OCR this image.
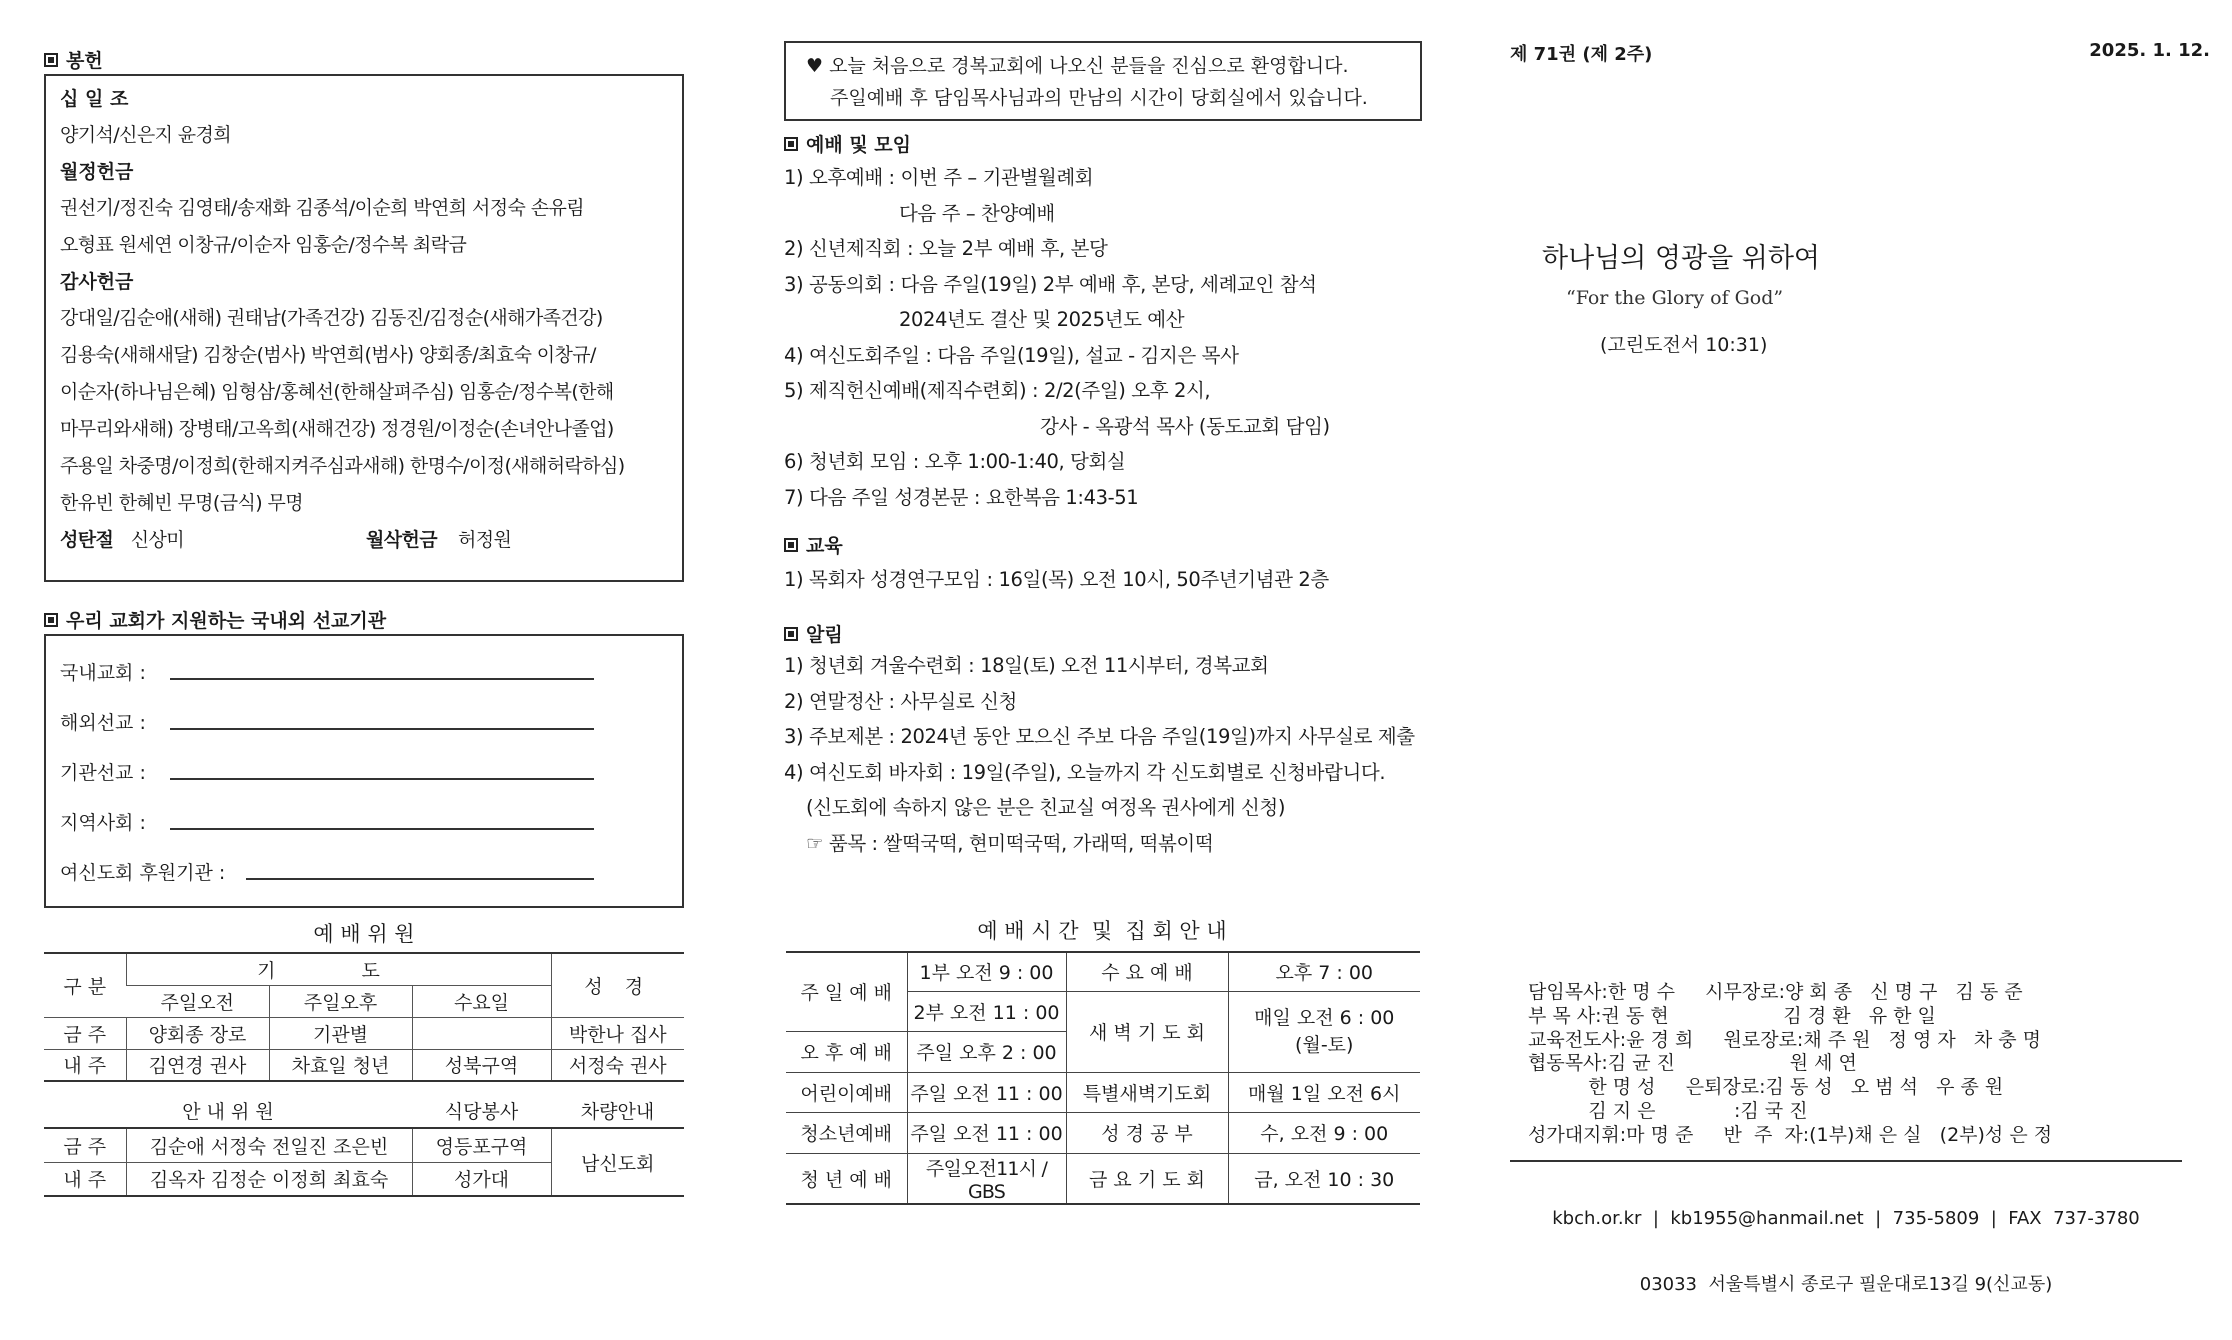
봉헌
십 일 조
양기석/신은지 윤경희
월정헌금
권선기/정진숙 김영태/송재화 김종석/이순희 박연희 서정숙 손유림
오형표 원세연 이창규/이순자 임홍순/정수복 최락금
감사헌금
강대일/김순애(새해) 권태남(가족건강) 김동진/김정순(새해가족건강)
김용숙(새해새달) 김창순(범사) 박연희(범사) 양회종/최효숙 이창규/
이순자(하나님은혜) 임형삼/홍혜선(한해살펴주심) 임홍순/정수복(한해
마무리와새해) 장병태/고옥희(새해건강) 정경원/이정순(손녀안나졸업)
주용일 차중명/이정희(한해지켜주심과새해) 한명수/이정(새해허락하심)
한유빈 한혜빈 무명(금식) 무명
성탄절 신상미	월삭헌금 허정원
우리 교회가 지원하는 국내외 선교기관
국내교회 :
해외선교 :
기관선교 :
지역사회 :
여신도회 후원기관 :
예 배 위 원
구 분	기 도			성 경
	주일오전	주일오후	수요일	
금 주	양회종 장로	기관별		박한나 집사
내 주	김연경 권사	차효일 청년	성북구역	서정숙 권사
안 내 위 원		식당봉사	차량안내
금 주	김순애 서정숙 전일진 조은빈	영등포구역	남신도회
내 주	김옥자 김정순 이정희 최효숙	성가대	
♥ 오늘 처음으로 경복교회에 나오신 분들을 진심으로 환영합니다.
주일예배 후 담임목사님과의 만남의 시간이 당회실에서 있습니다.
예배 및 모임
1) 오후예배 : 이번 주 – 기관별월례회
다음 주 – 찬양예배
2) 신년제직회 : 오늘 2부 예배 후, 본당
3) 공동의회 : 다음 주일(19일) 2부 예배 후, 본당, 세례교인 참석
2024년도 결산 및 2025년도 예산
4) 여신도회주일 : 다음 주일(19일), 설교 - 김지은 목사
5) 제직헌신예배(제직수련회) : 2/2(주일) 오후 2시,
강사 - 옥광석 목사 (동도교회 담임)
6) 청년회 모임 : 오후 1:00-1:40, 당회실
7) 다음 주일 성경본문 : 요한복음 1:43-51
교육
1) 목회자 성경연구모임 : 16일(목) 오전 10시, 50주년기념관 2층
알림
1) 청년회 겨울수련회 : 18일(토) 오전 11시부터, 경복교회
2) 연말정산 : 사무실로 신청
3) 주보제본 : 2024년 동안 모으신 주보 다음 주일(19일)까지 사무실로 제출
4) 여신도회 바자회 : 19일(주일), 오늘까지 각 신도회별로 신청바랍니다.
(신도회에 속하지 않은 분은 친교실 여정옥 권사에게 신청)
☞ 품목 : 쌀떡국떡, 현미떡국떡, 가래떡, 떡볶이떡
예 배 시 간  및  집 회 안 내
주 일 예 배	1부 오전 9 : 00	수 요 예 배	오후 7 : 00
	2부 오전 11 : 00	새 벽 기 도 회	매일 오전 6 : 00
(월-토)

오 후 예 배	주일 오후 2 : 00		
어린이예배	주일 오전 11 : 00	특별새벽기도회	매월 1일 오전 6시
청소년예배	주일 오전 11 : 00	성 경 공 부	수, 오전 9 : 00
청 년 예 배	주일오전11시 / GBS	금 요 기 도 회	금, 오전 10 : 30
제 71권 (제 2주)	2025. 1. 12.
하나님의 영광을 위하여
“For the Glory of God”
(고린도전서 10:31)
담임목사:한 명 수     시무장로:양 회 종   신 명 구   김 동 준
부 목 사:권 동 현                   김 경 환   유 한 일
교육전도사:윤 경 희     원로장로:채 주 원   정 영 자   차 충 명
협동목사:김 균 진                   원 세 연
한 명 성     은퇴장로:김 동 성   오 범 석   우 종 원
김 지 은             :김 국 진
성가대지휘:마 명 준     반  주  자:(1부)채 은 실   (2부)성 은 정

kbch.or.kr  |  kb1955@hanmail.net  |  735-5809  |  FAX  737-3780

03033  서울특별시 종로구 필운대로13길 9(신교동)
